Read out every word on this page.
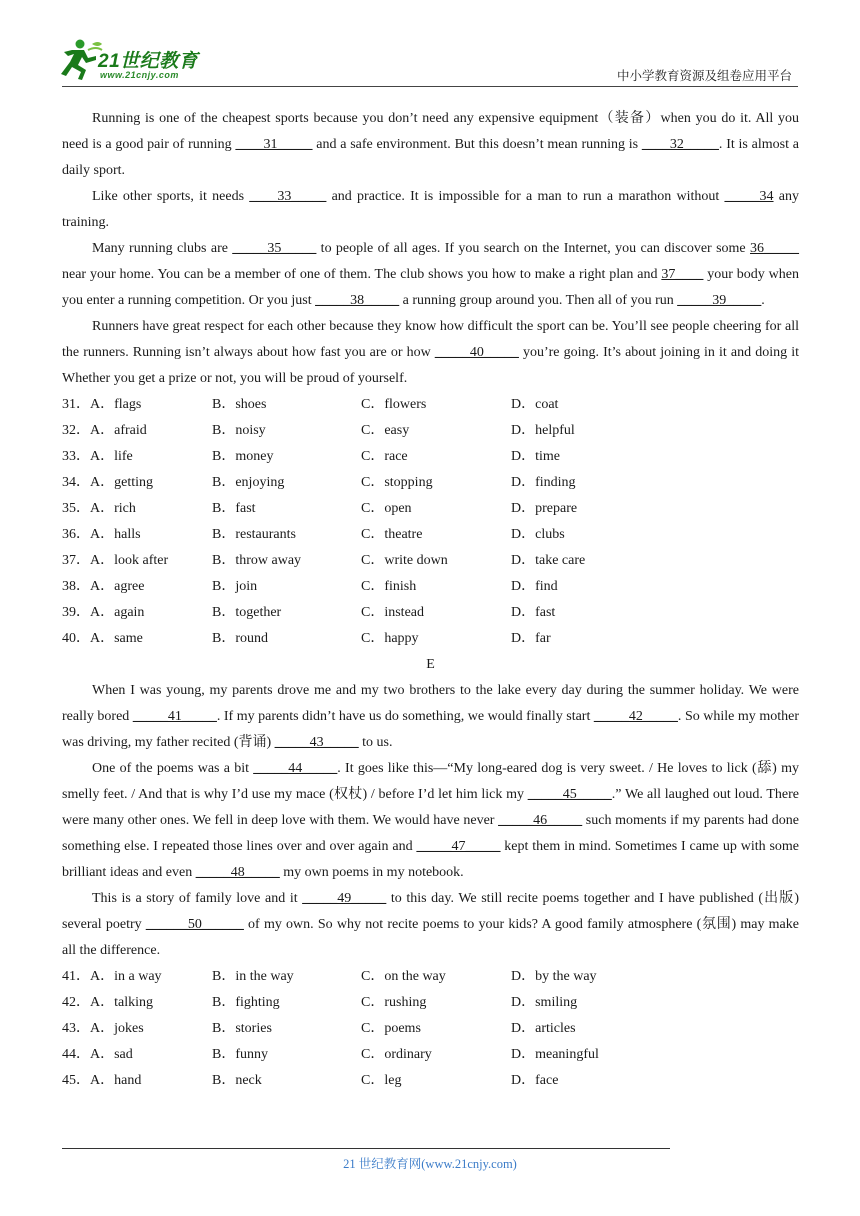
21世纪教育
www.21cnjy.com	中小学教育资源及组卷应用平台

Running is one of the cheapest sports because you don’t need any expensive equipment（装备）when you do it. All you need is a good pair of running ____31_____ and a safe environment. But this doesn’t mean running is ____32_____. It is almost a daily sport.

Like other sports, it needs ____33_____ and practice. It is impossible for a man to run a marathon without _____34 any training.

Many running clubs are _____35_____ to people of all ages. If you search on the Internet, you can discover some 36_____ near your home. You can be a member of one of them. The club shows you how to make a right plan and 37____ your body when you enter a running competition. Or you just _____38_____ a running group around you. Then all of you run _____39_____.

Runners have great respect for each other because they know how difficult the sport can be. You’ll see people cheering for all the runners. Running isn’t always about how fast you are or how _____40_____ you’re going. It’s about joining in it and doing it Whether you get a prize or not, you will be proud of yourself.

31．A．flags	B．shoes	C．flowers	D．coat
32．A．afraid	B．noisy	C．easy	D．helpful
33．A．life	B．money	C．race	D．time
34．A．getting	B．enjoying	C．stopping	D．finding
35．A．rich	B．fast	C．open	D．prepare
36．A．halls	B．restaurants	C．theatre	D．clubs
37．A．look after	B．throw away	C．write down	D．take care
38．A．agree	B．join	C．finish	D．find
39．A．again	B．together	C．instead	D．fast
40．A．same	B．round	C．happy	D．far
E

When I was young, my parents drove me and my two brothers to the lake every day during the summer holiday. We were really bored _____41_____. If my parents didn’t have us do something, we would finally start _____42_____. So while my mother was driving, my father recited (背诵) _____43_____ to us.

One of the poems was a bit _____44_____. It goes like this—“My long-eared dog is very sweet. / He loves to lick (舔) my smelly feet. / And that is why I’d use my mace (权杖) / before I’d let him lick my _____45_____.” We all laughed out loud. There were many other ones. We fell in deep love with them. We would have never _____46_____ such moments if my parents had done something else. I repeated those lines over and over again and _____47_____ kept them in mind. Sometimes I came up with some brilliant ideas and even _____48_____ my own poems in my notebook.

This is a story of family love and it _____49_____ to this day. We still recite poems together and I have published (出版) several poetry ______50______ of my own. So why not recite poems to your kids? A good family atmosphere (氛围) may make all the difference.

41．A．in a way	B．in the way	C．on the way	D．by the way
42．A．talking	B．fighting	C．rushing	D．smiling
43．A．jokes	B．stories	C．poems	D．articles
44．A．sad	B．funny	C．ordinary	D．meaningful
45．A．hand	B．neck	C．leg	D．face
21 世纪教育网(www.21cnjy.com)
